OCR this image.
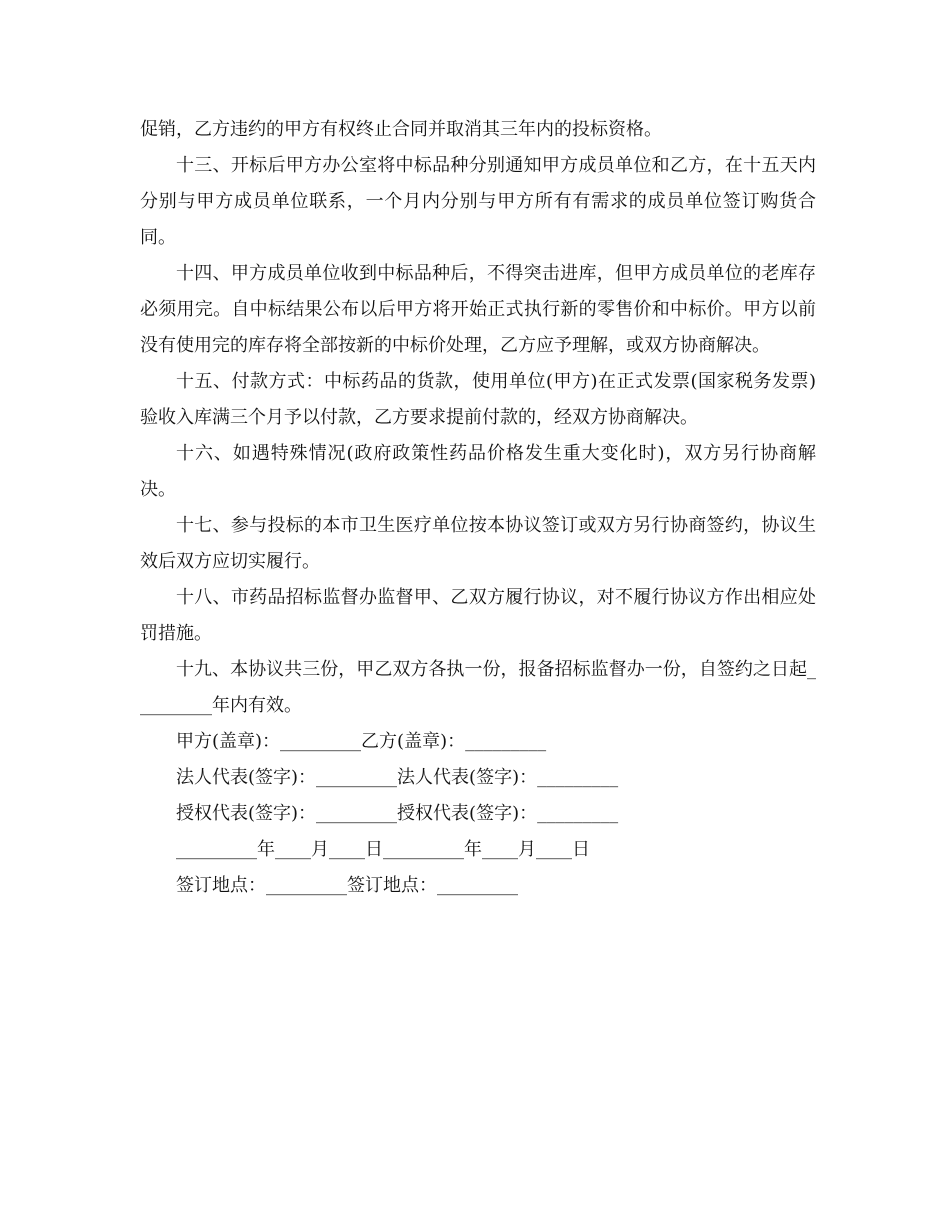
促销，乙方违约的甲方有权终止合同并取消其三年内的投标资格。

十三、开标后甲方办公室将中标品种分别通知甲方成员单位和乙方，在十五天内分别与甲方成员单位联系，一个月内分别与甲方所有有需求的成员单位签订购货合同。

十四、甲方成员单位收到中标品种后，不得突击进库，但甲方成员单位的老库存必须用完。自中标结果公布以后甲方将开始正式执行新的零售价和中标价。甲方以前没有使用完的库存将全部按新的中标价处理，乙方应予理解，或双方协商解决。

十五、付款方式：中标药品的货款，使用单位(甲方)在正式发票(国家税务发票)验收入库满三个月予以付款，乙方要求提前付款的，经双方协商解决。

十六、如遇特殊情况(政府政策性药品价格发生重大变化时)，双方另行协商解决。

十七、参与投标的本市卫生医疗单位按本协议签订或双方另行协商签约，协议生效后双方应切实履行。

十八、市药品招标监督办监督甲、乙双方履行协议，对不履行协议方作出相应处罚措施。

十九、本协议共三份，甲乙双方各执一份，报备招标监督办一份，自签约之日起_________年内有效。

甲方(盖章)：_________乙方(盖章)：_________

法人代表(签字)：_________法人代表(签字)：_________

授权代表(签字)：_________授权代表(签字)：_________

_________年____月____日_________年____月____日

签订地点：_________签订地点：_________
